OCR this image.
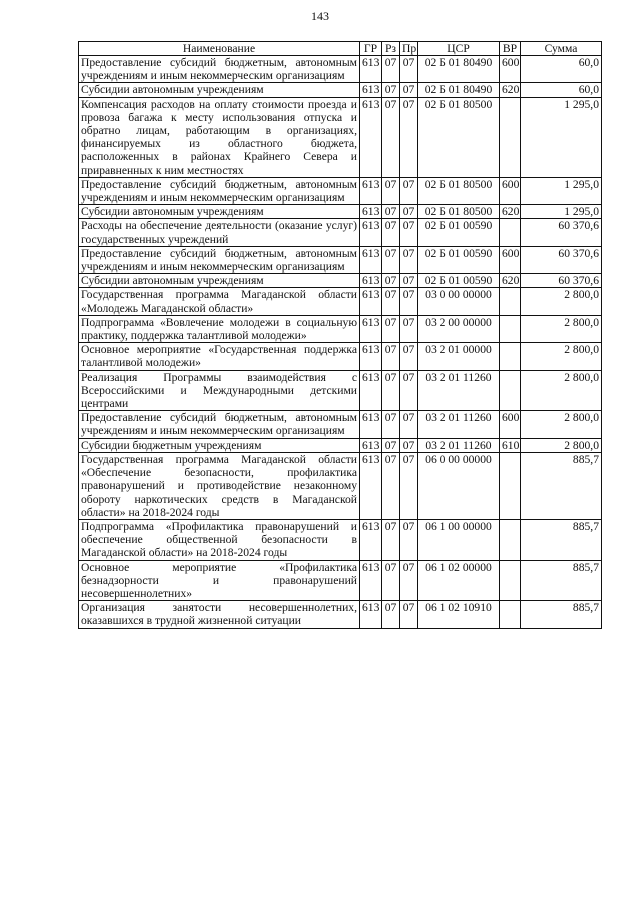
143
Наименование	ГР	Рз	Пр	ЦСР	ВР	Сумма
Предоставление субсидий бюджетным, автономным учреждениям и иным некоммерческим организациям	613	07	07	02 Б 01 80490	600	60,0
Субсидии автономным учреждениям	613	07	07	02 Б 01 80490	620	60,0
Компенсация расходов на оплату стоимости проезда и провоза багажа к месту использования отпуска и обратно лицам, работающим в организациях, финансируемых из областного бюджета, расположенных в районах Крайнего Севера и приравненных к ним местностях	613	07	07	02 Б 01 80500		1 295,0
Предоставление субсидий бюджетным, автономным учреждениям и иным некоммерческим организациям	613	07	07	02 Б 01 80500	600	1 295,0
Субсидии автономным учреждениям	613	07	07	02 Б 01 80500	620	1 295,0
Расходы на обеспечение деятельности (оказание услуг) государственных учреждений	613	07	07	02 Б 01 00590		60 370,6
Предоставление субсидий бюджетным, автономным учреждениям и иным некоммерческим организациям	613	07	07	02 Б 01 00590	600	60 370,6
Субсидии автономным учреждениям	613	07	07	02 Б 01 00590	620	60 370,6
Государственная программа Магаданской области «Молодежь Магаданской области»	613	07	07	03 0 00 00000		2 800,0
Подпрограмма «Вовлечение молодежи в социальную практику, поддержка талантливой молодежи»	613	07	07	03 2 00 00000		2 800,0
Основное мероприятие «Государственная поддержка талантливой молодежи»	613	07	07	03 2 01 00000		2 800,0
Реализация Программы взаимодействия с Всероссийскими и Международными детскими центрами	613	07	07	03 2 01 11260		2 800,0
Предоставление субсидий бюджетным, автономным учреждениям и иным некоммерческим организациям	613	07	07	03 2 01 11260	600	2 800,0
Субсидии бюджетным учреждениям	613	07	07	03 2 01 11260	610	2 800,0
Государственная программа Магаданской области «Обеспечение безопасности, профилактика правонарушений и противодействие незаконному обороту наркотических средств в Магаданской области» на 2018-2024 годы	613	07	07	06 0 00 00000		885,7
Подпрограмма «Профилактика правонарушений и обеспечение общественной безопасности в Магаданской области» на 2018-2024 годы	613	07	07	06 1 00 00000		885,7
Основное мероприятие «Профилактика безнадзорности и правонарушений несовершеннолетних»	613	07	07	06 1 02 00000		885,7
Организация занятости несовершеннолетних, оказавшихся в трудной жизненной ситуации	613	07	07	06 1 02 10910		885,7
